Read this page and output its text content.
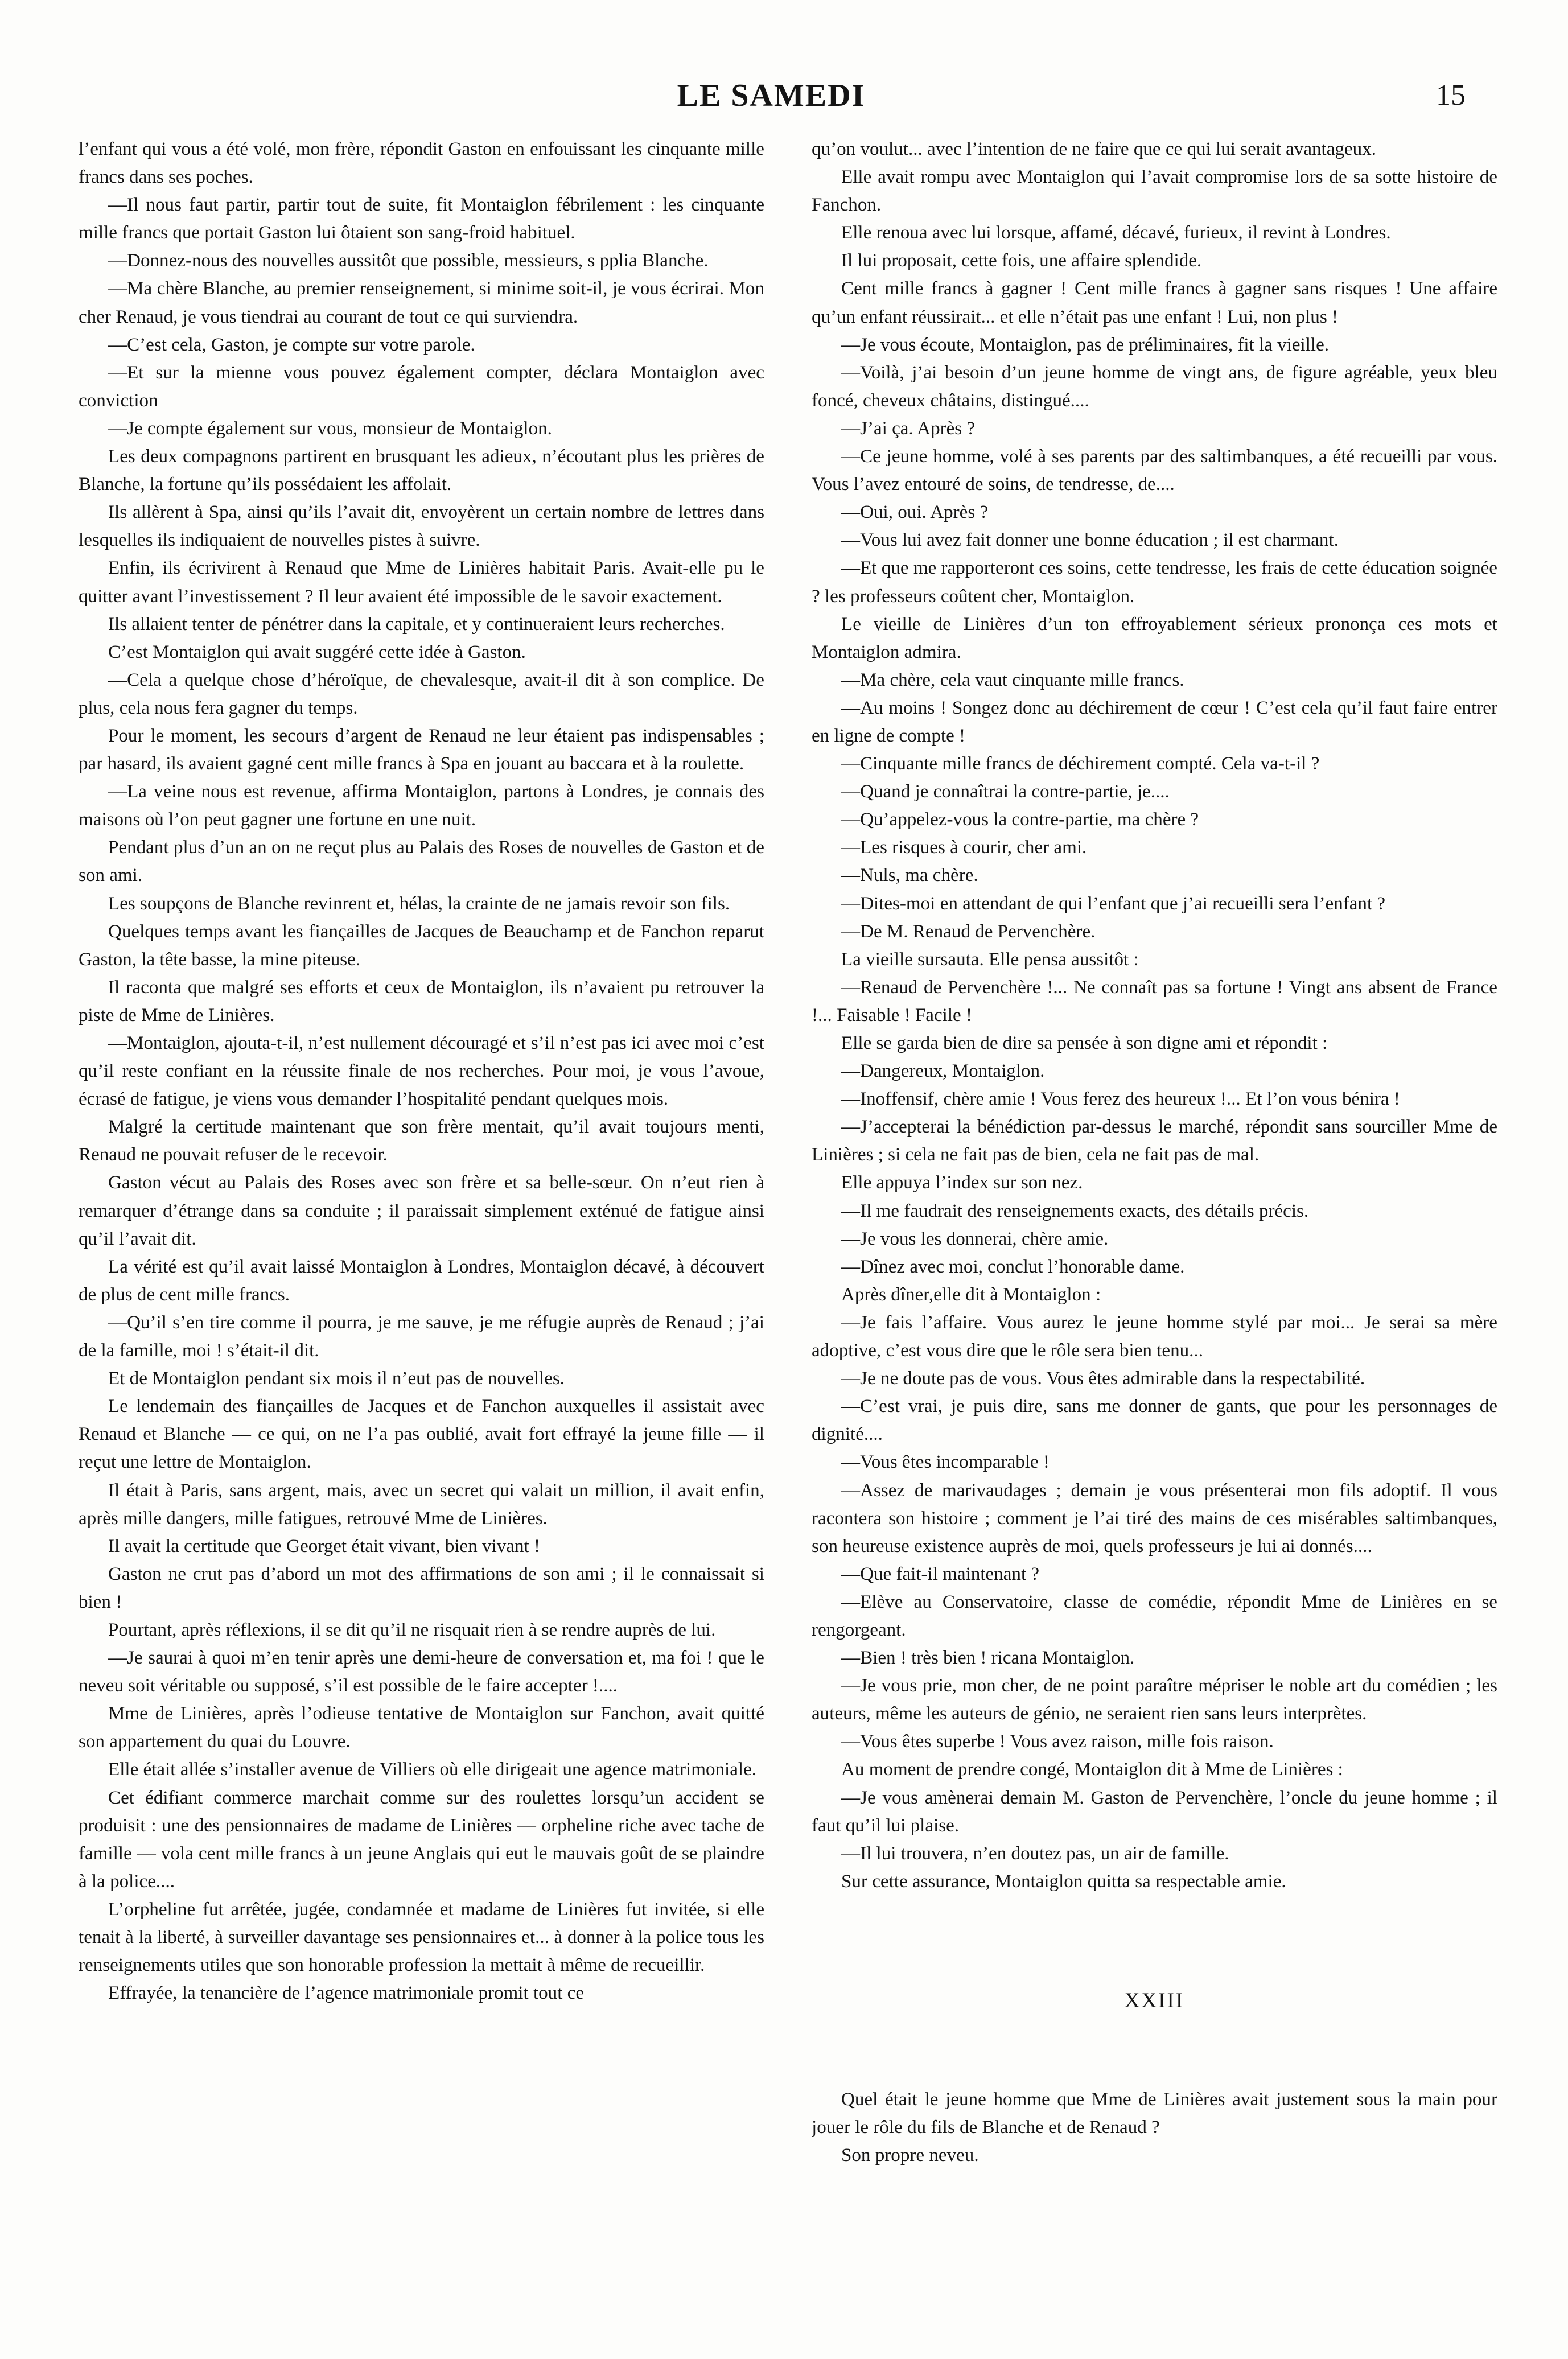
LE SAMEDI	15

l’enfant qui vous a été volé, mon frère, répondit Gaston en enfouissant les cinquante mille francs dans ses poches.

—Il nous faut partir, partir tout de suite, fit Montaiglon fébrilement : les cinquante mille francs que portait Gaston lui ôtaient son sang-froid habituel.

—Donnez-nous des nouvelles aussitôt que possible, messieurs, s pplia Blanche.

—Ma chère Blanche, au premier renseignement, si minime soit-il, je vous écrirai. Mon cher Renaud, je vous tiendrai au courant de tout ce qui surviendra.

—C’est cela, Gaston, je compte sur votre parole.

—Et sur la mienne vous pouvez également compter, déclara Montaiglon avec conviction

—Je compte également sur vous, monsieur de Montaiglon.

Les deux compagnons partirent en brusquant les adieux, n’écoutant plus les prières de Blanche, la fortune qu’ils possédaient les affolait.

Ils allèrent à Spa, ainsi qu’ils l’avait dit, envoyèrent un certain nombre de lettres dans lesquelles ils indiquaient de nouvelles pistes à suivre.

Enfin, ils écrivirent à Renaud que Mme de Linières habitait Paris. Avait-elle pu le quitter avant l’investissement ? Il leur avaient été impossible de le savoir exactement.

Ils allaient tenter de pénétrer dans la capitale, et y continueraient leurs recherches.

C’est Montaiglon qui avait suggéré cette idée à Gaston.

—Cela a quelque chose d’héroïque, de chevalesque, avait-il dit à son complice. De plus, cela nous fera gagner du temps.

Pour le moment, les secours d’argent de Renaud ne leur étaient pas indispensables ; par hasard, ils avaient gagné cent mille francs à Spa en jouant au baccara et à la roulette.

—La veine nous est revenue, affirma Montaiglon, partons à Londres, je connais des maisons où l’on peut gagner une fortune en une nuit.

Pendant plus d’un an on ne reçut plus au Palais des Roses de nouvelles de Gaston et de son ami.

Les soupçons de Blanche revinrent et, hélas, la crainte de ne jamais revoir son fils.

Quelques temps avant les fiançailles de Jacques de Beauchamp et de Fanchon reparut Gaston, la tête basse, la mine piteuse.

Il raconta que malgré ses efforts et ceux de Montaiglon, ils n’avaient pu retrouver la piste de Mme de Linières.

—Montaiglon, ajouta-t-il, n’est nullement découragé et s’il n’est pas ici avec moi c’est qu’il reste confiant en la réussite finale de nos recherches. Pour moi, je vous l’avoue, écrasé de fatigue, je viens vous demander l’hospitalité pendant quelques mois.

Malgré la certitude maintenant que son frère mentait, qu’il avait toujours menti, Renaud ne pouvait refuser de le recevoir.

Gaston vécut au Palais des Roses avec son frère et sa belle-sœur. On n’eut rien à remarquer d’étrange dans sa conduite ; il paraissait simplement exténué de fatigue ainsi qu’il l’avait dit.

La vérité est qu’il avait laissé Montaiglon à Londres, Montaiglon décavé, à découvert de plus de cent mille francs.

—Qu’il s’en tire comme il pourra, je me sauve, je me réfugie auprès de Renaud ; j’ai de la famille, moi ! s’était-il dit.

Et de Montaiglon pendant six mois il n’eut pas de nouvelles.

Le lendemain des fiançailles de Jacques et de Fanchon auxquelles il assistait avec Renaud et Blanche — ce qui, on ne l’a pas oublié, avait fort effrayé la jeune fille — il reçut une lettre de Montaiglon.

Il était à Paris, sans argent, mais, avec un secret qui valait un million, il avait enfin, après mille dangers, mille fatigues, retrouvé Mme de Linières.

Il avait la certitude que Georget était vivant, bien vivant !

Gaston ne crut pas d’abord un mot des affirmations de son ami ; il le connaissait si bien !

Pourtant, après réflexions, il se dit qu’il ne risquait rien à se rendre auprès de lui.

—Je saurai à quoi m’en tenir après une demi-heure de conversation et, ma foi ! que le neveu soit véritable ou supposé, s’il est possible de le faire accepter !....

Mme de Linières, après l’odieuse tentative de Montaiglon sur Fanchon, avait quitté son appartement du quai du Louvre.

Elle était allée s’installer avenue de Villiers où elle dirigeait une agence matrimoniale.

Cet édifiant commerce marchait comme sur des roulettes lorsqu’un accident se produisit : une des pensionnaires de madame de Linières — orpheline riche avec tache de famille — vola cent mille francs à un jeune Anglais qui eut le mauvais goût de se plaindre à la police....

L’orpheline fut arrêtée, jugée, condamnée et madame de Linières fut invitée, si elle tenait à la liberté, à surveiller davantage ses pensionnaires et... à donner à la police tous les renseignements utiles que son honorable profession la mettait à même de recueillir.

Effrayée, la tenancière de l’agence matrimoniale promit tout ce

qu’on voulut... avec l’intention de ne faire que ce qui lui serait avantageux.

Elle avait rompu avec Montaiglon qui l’avait compromise lors de sa sotte histoire de Fanchon.

Elle renoua avec lui lorsque, affamé, décavé, furieux, il revint à Londres.

Il lui proposait, cette fois, une affaire splendide.

Cent mille francs à gagner ! Cent mille francs à gagner sans risques ! Une affaire qu’un enfant réussirait... et elle n’était pas une enfant ! Lui, non plus !

—Je vous écoute, Montaiglon, pas de préliminaires, fit la vieille.

—Voilà, j’ai besoin d’un jeune homme de vingt ans, de figure agréable, yeux bleu foncé, cheveux châtains, distingué....

—J’ai ça. Après ?

—Ce jeune homme, volé à ses parents par des saltimbanques, a été recueilli par vous. Vous l’avez entouré de soins, de tendresse, de....

—Oui, oui. Après ?

—Vous lui avez fait donner une bonne éducation ; il est charmant.

—Et que me rapporteront ces soins, cette tendresse, les frais de cette éducation soignée ? les professeurs coûtent cher, Montaiglon.

Le vieille de Linières d’un ton effroyablement sérieux prononça ces mots et Montaiglon admira.

—Ma chère, cela vaut cinquante mille francs.

—Au moins ! Songez donc au déchirement de cœur ! C’est cela qu’il faut faire entrer en ligne de compte !

—Cinquante mille francs de déchirement compté. Cela va-t-il ?

—Quand je connaîtrai la contre-partie, je....

—Qu’appelez-vous la contre-partie, ma chère ?

—Les risques à courir, cher ami.

—Nuls, ma chère.

—Dites-moi en attendant de qui l’enfant que j’ai recueilli sera l’enfant ?

—De M. Renaud de Pervenchère.

La vieille sursauta. Elle pensa aussitôt :

—Renaud de Pervenchère !... Ne connaît pas sa fortune ! Vingt ans absent de France !... Faisable ! Facile !

Elle se garda bien de dire sa pensée à son digne ami et répondit :

—Dangereux, Montaiglon.

—Inoffensif, chère amie ! Vous ferez des heureux !... Et l’on vous bénira !

—J’accepterai la bénédiction par-dessus le marché, répondit sans sourciller Mme de Linières ; si cela ne fait pas de bien, cela ne fait pas de mal.

Elle appuya l’index sur son nez.

—Il me faudrait des renseignements exacts, des détails précis.

—Je vous les donnerai, chère amie.

—Dînez avec moi, conclut l’honorable dame.

Après dîner,elle dit à Montaiglon :

—Je fais l’affaire. Vous aurez le jeune homme stylé par moi... Je serai sa mère adoptive, c’est vous dire que le rôle sera bien tenu...

—Je ne doute pas de vous. Vous êtes admirable dans la respectabilité.

—C’est vrai, je puis dire, sans me donner de gants, que pour les personnages de dignité....

—Vous êtes incomparable !

—Assez de marivaudages ; demain je vous présenterai mon fils adoptif. Il vous racontera son histoire ; comment je l’ai tiré des mains de ces misérables saltimbanques, son heureuse existence auprès de moi, quels professeurs je lui ai donnés....

—Que fait-il maintenant ?

—Elève au Conservatoire, classe de comédie, répondit Mme de Linières en se rengorgeant.

—Bien ! très bien ! ricana Montaiglon.

—Je vous prie, mon cher, de ne point paraître mépriser le noble art du comédien ; les auteurs, même les auteurs de génio, ne seraient rien sans leurs interprètes.

—Vous êtes superbe ! Vous avez raison, mille fois raison.

Au moment de prendre congé, Montaiglon dit à Mme de Linières :

—Je vous amènerai demain M. Gaston de Pervenchère, l’oncle du jeune homme ; il faut qu’il lui plaise.

—Il lui trouvera, n’en doutez pas, un air de famille.

Sur cette assurance, Montaiglon quitta sa respectable amie.

XXIII

Quel était le jeune homme que Mme de Linières avait justement sous la main pour jouer le rôle du fils de Blanche et de Renaud ?

Son propre neveu.
